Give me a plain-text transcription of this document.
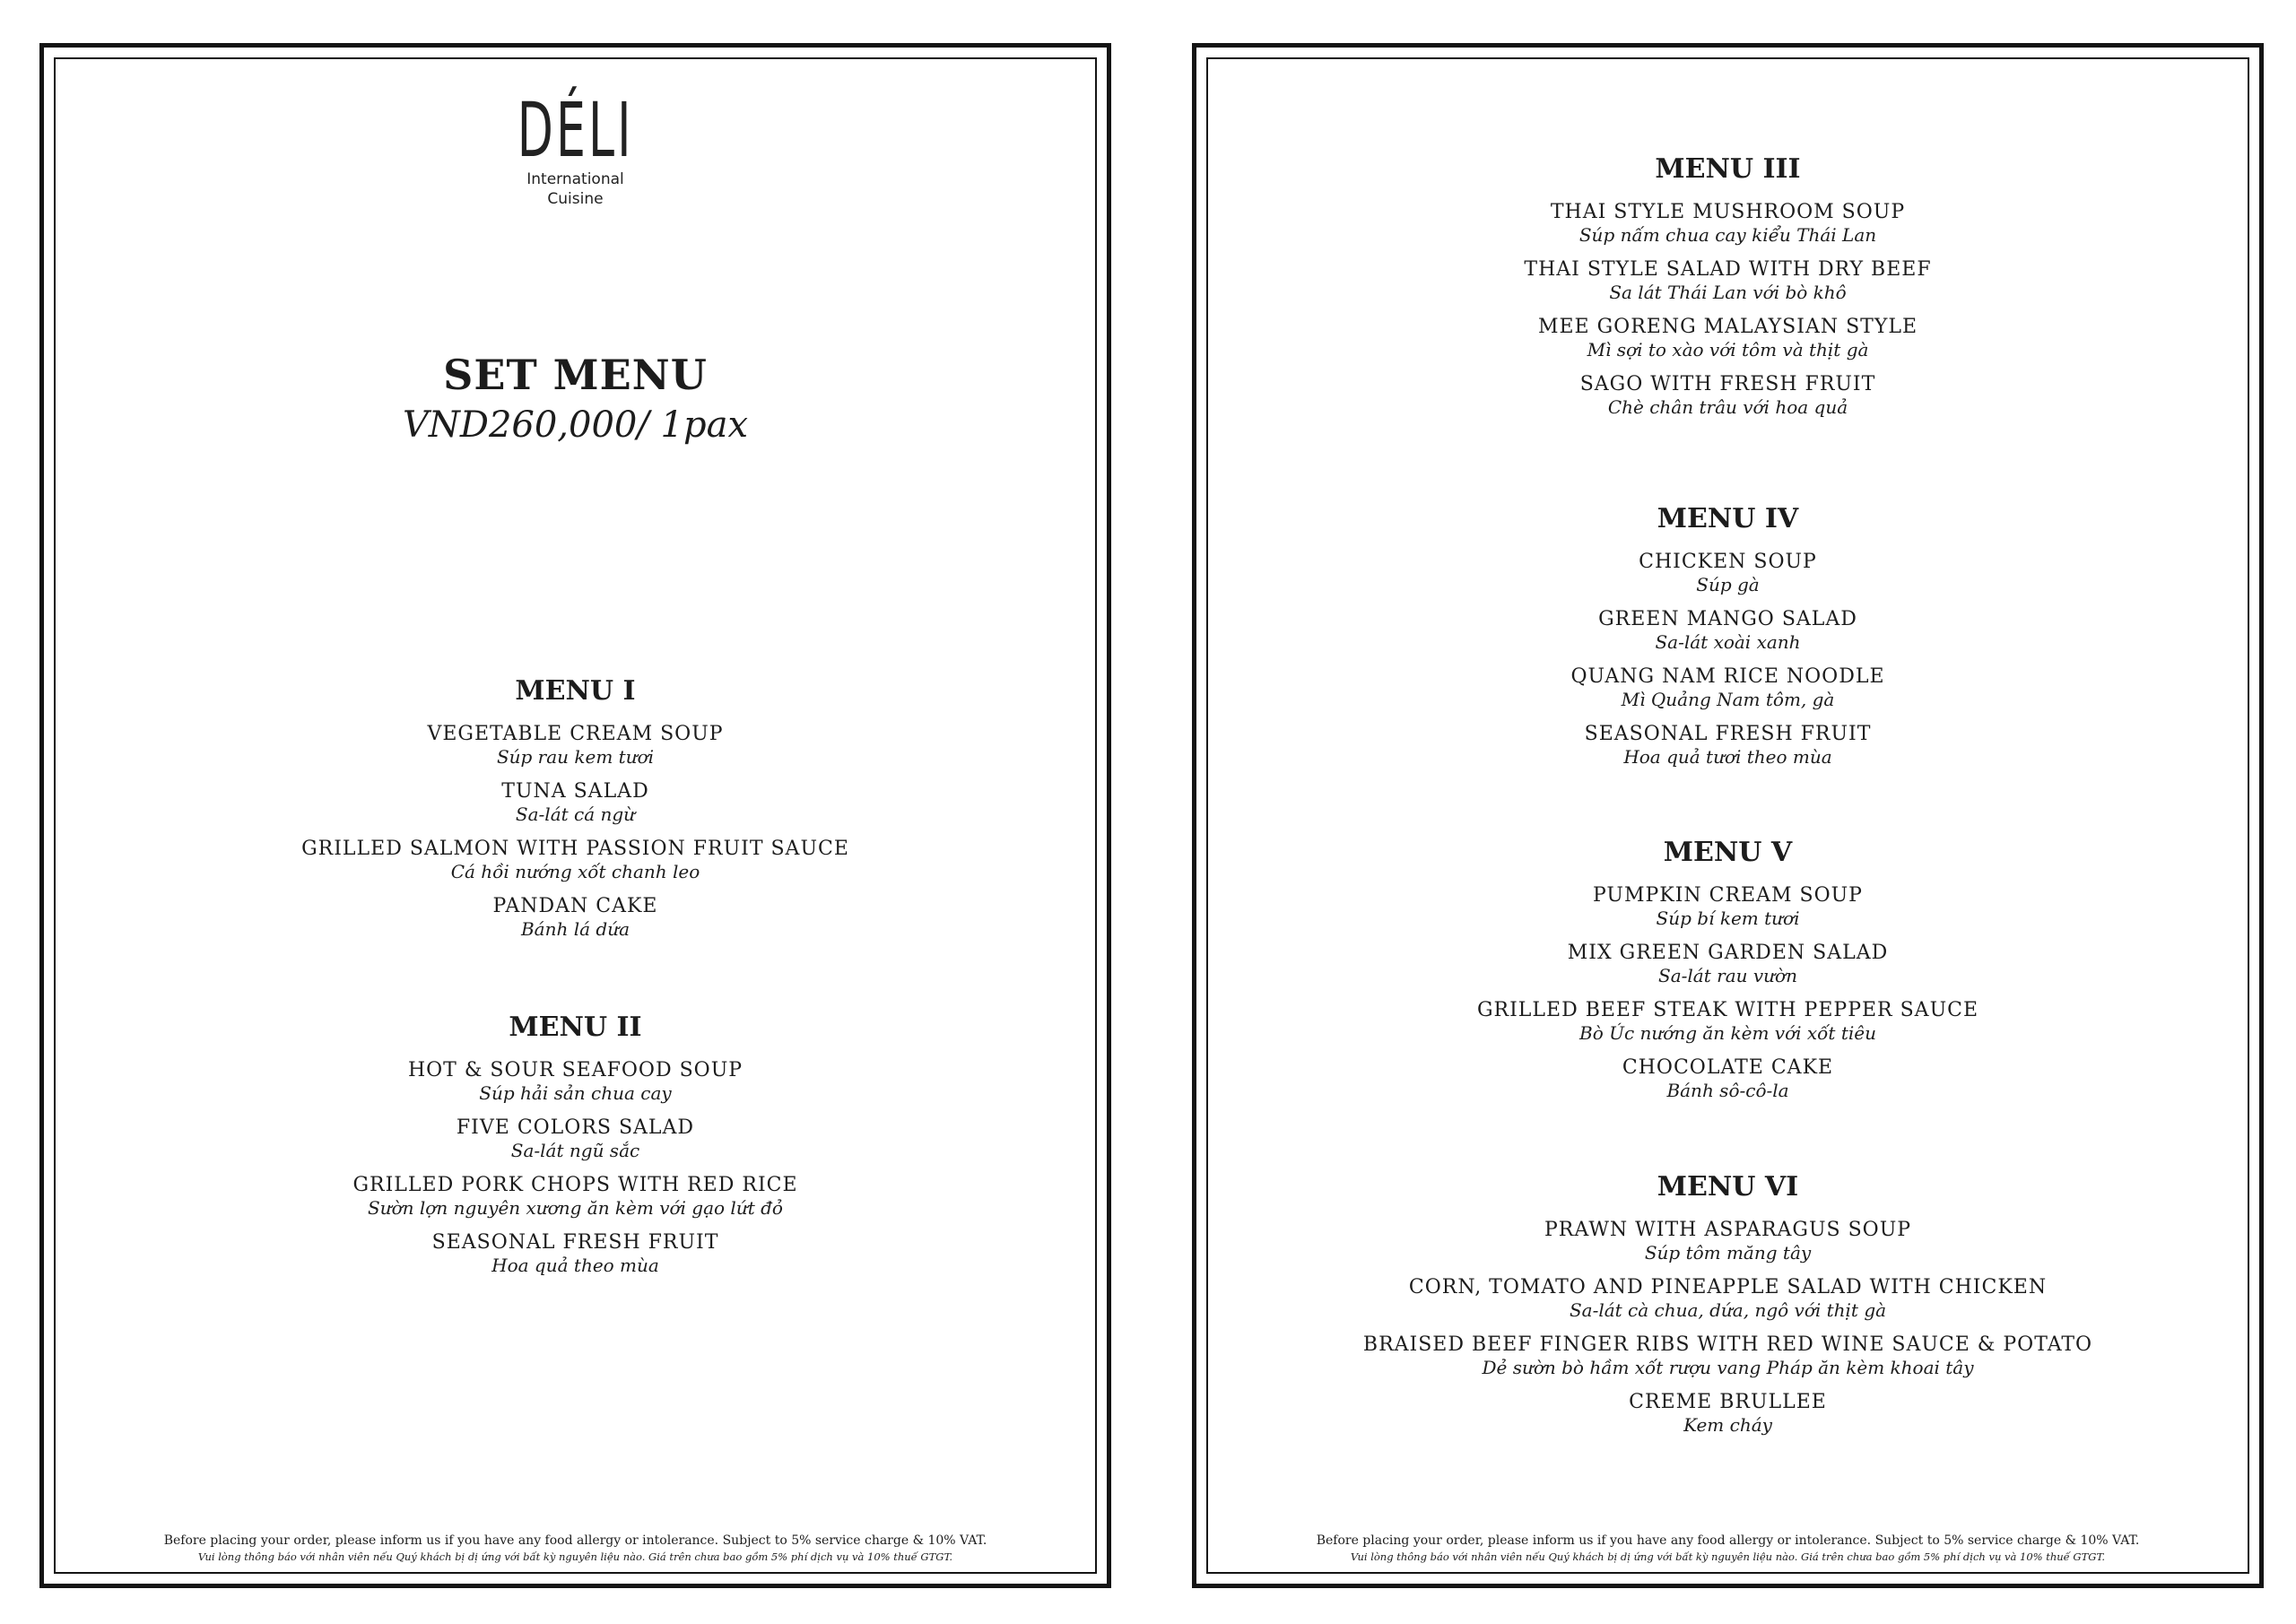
DÉLI
International
Cuisine
SET MENU
VND260,000/ 1pax
MENU I
VEGETABLE CREAM SOUP
Súp rau kem tươi
TUNA SALAD
Sa-lát cá ngừ
GRILLED SALMON WITH PASSION FRUIT SAUCE
Cá hồi nướng xốt chanh leo
PANDAN CAKE
Bánh lá dứa
MENU II
HOT & SOUR SEAFOOD SOUP
Súp hải sản chua cay
FIVE COLORS SALAD
Sa-lát ngũ sắc
GRILLED PORK CHOPS WITH RED RICE
Sườn lợn nguyên xương ăn kèm với gạo lứt đỏ
SEASONAL FRESH FRUIT
Hoa quả theo mùa
Before placing your order, please inform us if you have any food allergy or intolerance. Subject to 5% service charge & 10% VAT.
Vui lòng thông báo với nhân viên nếu Quý khách bị dị ứng với bất kỳ nguyên liệu nào. Giá trên chưa bao gồm 5% phí dịch vụ và 10% thuế GTGT.
MENU III
THAI STYLE MUSHROOM SOUP
Súp nấm chua cay kiểu Thái Lan
THAI STYLE SALAD WITH DRY BEEF
Sa lát Thái Lan với bò khô
MEE GORENG MALAYSIAN STYLE
Mì sợi to xào với tôm và thịt gà
SAGO WITH FRESH FRUIT
Chè chân trâu với hoa quả
MENU IV
CHICKEN SOUP
Súp gà
GREEN MANGO SALAD
Sa-lát xoài xanh
QUANG NAM RICE NOODLE
Mì Quảng Nam tôm, gà
SEASONAL FRESH FRUIT
Hoa quả tươi theo mùa
MENU V
PUMPKIN CREAM SOUP
Súp bí kem tươi
MIX GREEN GARDEN SALAD
Sa-lát rau vườn
GRILLED BEEF STEAK WITH PEPPER SAUCE
Bò Úc nướng ăn kèm với xốt tiêu
CHOCOLATE CAKE
Bánh sô-cô-la
MENU VI
PRAWN WITH ASPARAGUS SOUP
Súp tôm măng tây
CORN, TOMATO AND PINEAPPLE SALAD WITH CHICKEN
Sa-lát cà chua, dứa, ngô với thịt gà
BRAISED BEEF FINGER RIBS WITH RED WINE SAUCE & POTATO
Dẻ sườn bò hầm xốt rượu vang Pháp ăn kèm khoai tây
CREME BRULLEE
Kem cháy
Before placing your order, please inform us if you have any food allergy or intolerance. Subject to 5% service charge & 10% VAT.
Vui lòng thông báo với nhân viên nếu Quý khách bị dị ứng với bất kỳ nguyên liệu nào. Giá trên chưa bao gồm 5% phí dịch vụ và 10% thuế GTGT.
